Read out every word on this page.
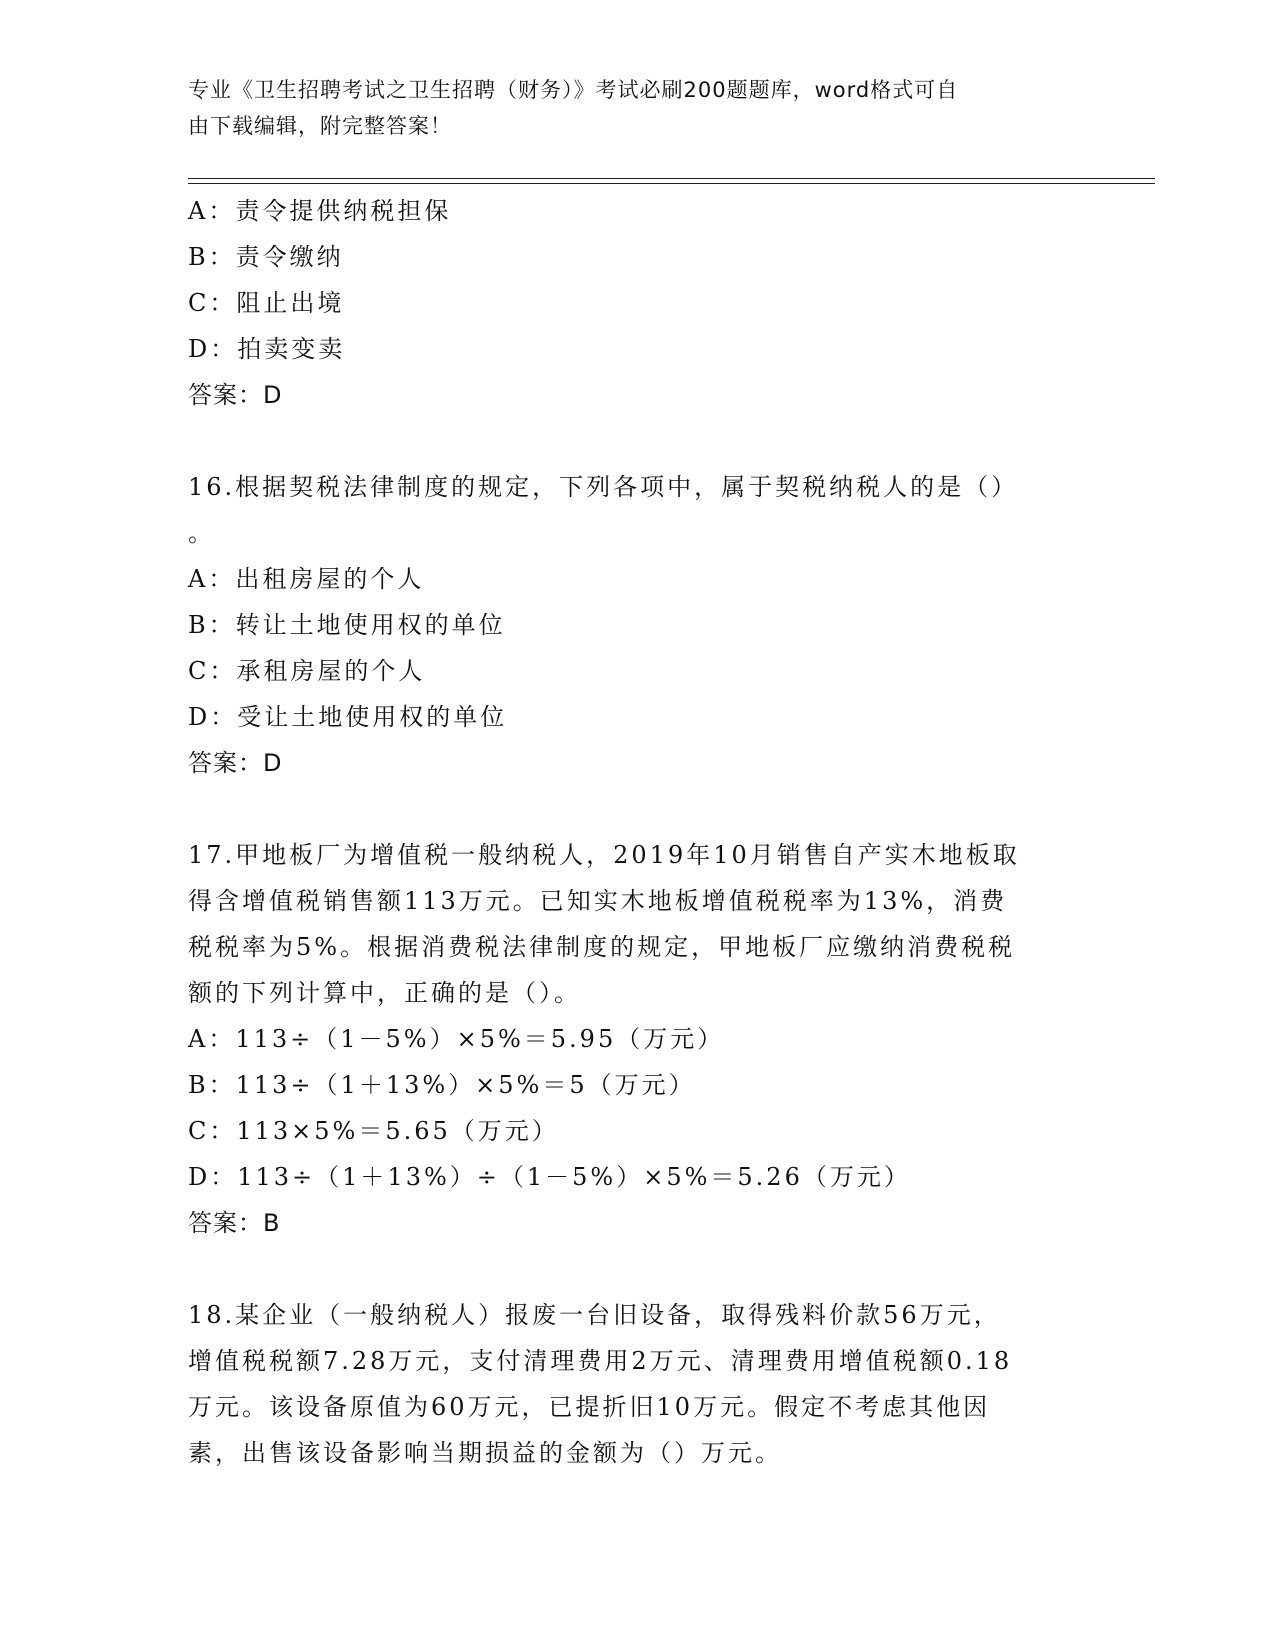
专业《卫生招聘考试之卫生招聘（财务）》考试必刷200题题库，word格式可自
由下载编辑，附完整答案！
A：责令提供纳税担保
B：责令缴纳
C：阻止出境
D：拍卖变卖
答案：D
16.根据契税法律制度的规定，下列各项中，属于契税纳税人的是（）
。
A：出租房屋的个人
B：转让土地使用权的单位
C：承租房屋的个人
D：受让土地使用权的单位
答案：D
17.甲地板厂为增值税一般纳税人，2019年10月销售自产实木地板取
得含增值税销售额113万元。已知实木地板增值税税率为13%，消费
税税率为5%。根据消费税法律制度的规定，甲地板厂应缴纳消费税税
额的下列计算中，正确的是（）。
A：113÷（1－5%）×5%＝5.95（万元）
B：113÷（1＋13%）×5%＝5（万元）
C：113×5%＝5.65（万元）
D：113÷（1＋13%）÷（1－5%）×5%＝5.26（万元）
答案：B
18.某企业（一般纳税人）报废一台旧设备，取得残料价款56万元，
增值税税额7.28万元，支付清理费用2万元、清理费用增值税额0.18
万元。该设备原值为60万元，已提折旧10万元。假定不考虑其他因
素，出售该设备影响当期损益的金额为（）万元。
